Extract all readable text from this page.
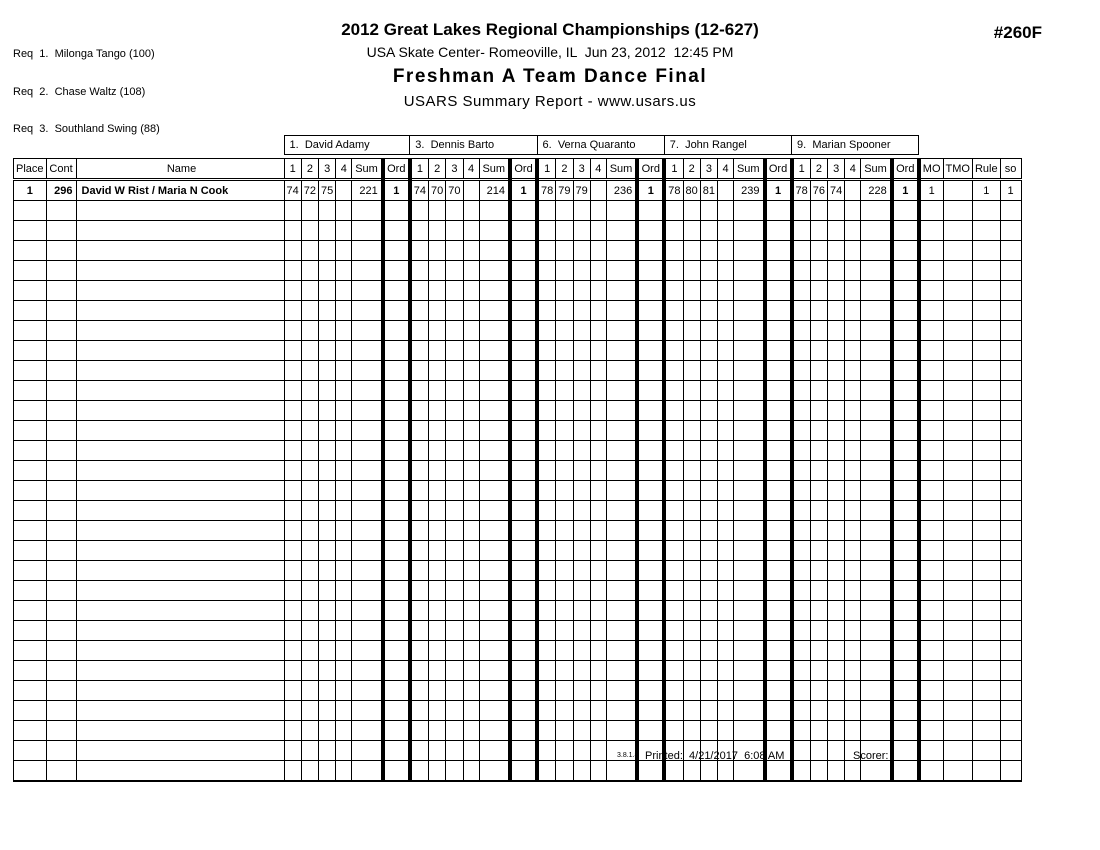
Req  1.  Milonga Tango (100)

Req  2.  Chase Waltz (108)

Req  3.  Southland Swing (88)

2012 Great Lakes Regional Championships (12-627)
USA Skate Center- Romeoville, IL  Jun 23, 2012  12:45 PM
Freshman A Team Dance Final
USARS Summary Report - www.usars.us
#260F
			1.  David Adamy						3.  Dennis Barto						6.  Verna Quaranto						7.  John Rangel						9.  Marian Spooner									

Place	Cont	Name	1	2	3	4	Sum	Ord	1	2	3	4	Sum	Ord	1	2	3	4	Sum	Ord	1	2	3	4	Sum	Ord	1	2	3	4	Sum	Ord	MO	TMO	Rule	so
1	296	David W Rist / Maria N Cook	74	72	75		221	1	74	70	70		214	1	78	79	79		236	1	78	80	81		239	1	78	76	74		228	1	1		1	1

3.8.1.8 Printed:  4/21/2017  6:08 AM	Scorer:
